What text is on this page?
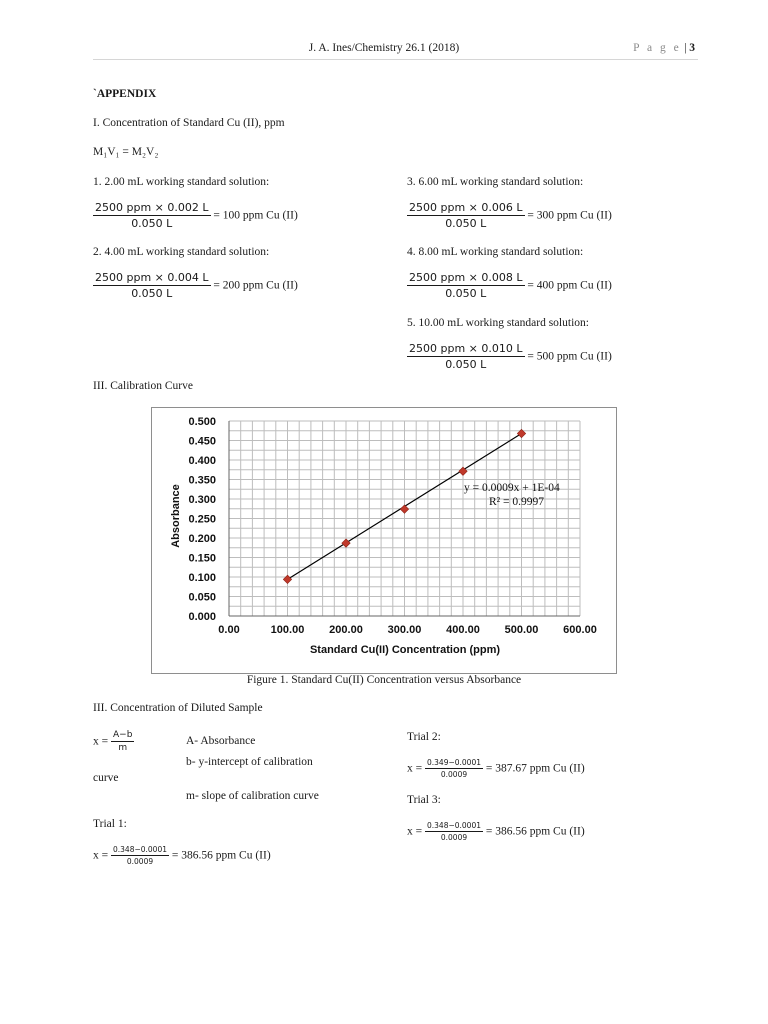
J. A. Ines/Chemistry 26.1 (2018)	P a g e | 3
`APPENDIX
I. Concentration of Standard Cu (II), ppm
M₁V₁ = M₂V₂
1. 2.00 mL working standard solution:
$\frac{\text{2500 ppm × 0.002 L}}{0.050 L} = 100$ ppm Cu (II)
2. 4.00 mL working standard solution:
$\frac{\text{2500 ppm × 0.004 L}}{0.050 L} = 200$ ppm Cu (II)
3. 6.00 mL working standard solution:
$\frac{\text{2500 ppm × 0.006 L}}{0.050 L} = 300$ ppm Cu (II)
4. 8.00 mL working standard solution:
$\frac{\text{2500 ppm × 0.008 L}}{0.050 L} = 400$ ppm Cu (II)
5. 10.00 mL working standard solution:
$\frac{\text{2500 ppm × 0.010 L}}{0.050 L} = 500$ ppm Cu (II)
III. Calibration Curve
0.00	100.00 200.00 300.00 400.00 500.00 600.00
0.000
0.050
0.100
0.150
0.200
0.250
0.300
0.350
0.400
0.450
0.500
y = 0.0009x + 1E-04
R² = 0.9997
Standard Cu(II) Concentration (ppm)
Absorbance
Figure 1. Standard Cu(II) Concentration versus Absorbance
III. Concentration of Diluted Sample
$x = \frac{A-b}{m}$	A- Absorbance
b- y-intercept of calibration
curve
m- slope of calibration curve
Trial 1:
$x = \frac{0.348-0.0001}{0.0009} = 386.56$ ppm Cu (II)
Trial 2:
$x = \frac{0.349-0.0001}{0.0009} = 387.67$ ppm Cu (II)
Trial 3:
$x = \frac{0.348-0.0001}{0.0009} = 386.56$ ppm Cu (II)
